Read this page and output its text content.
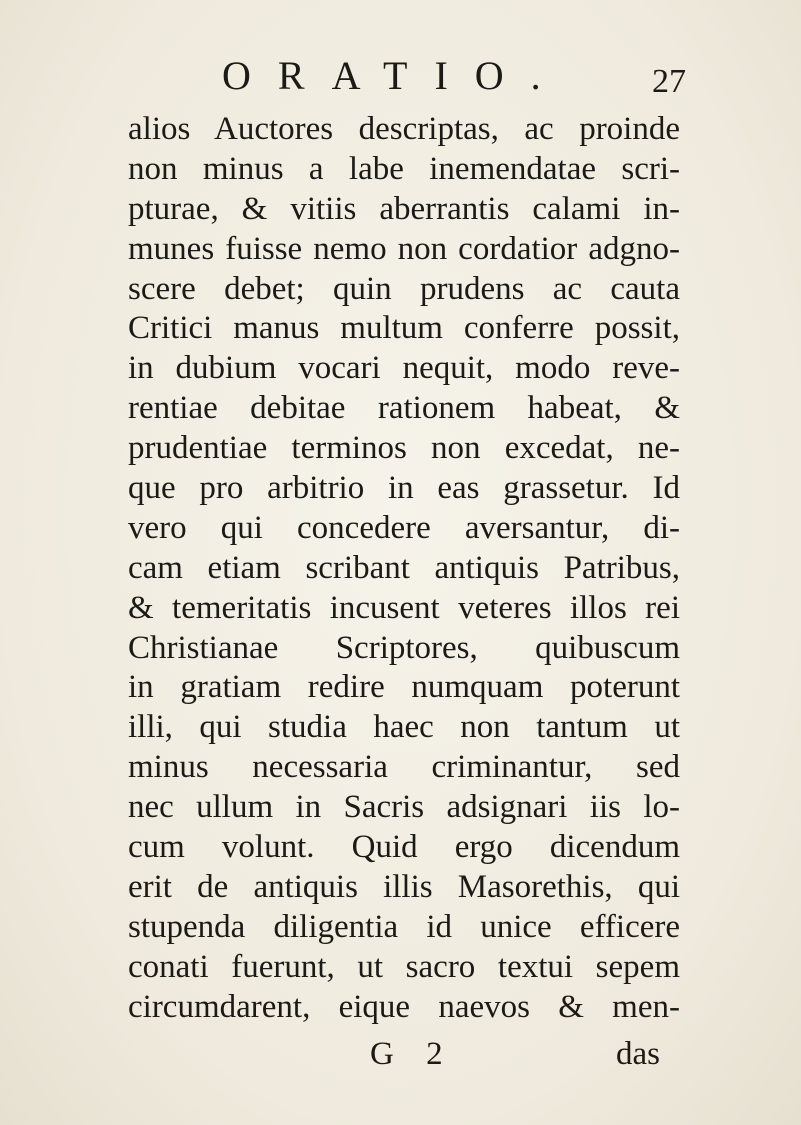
ORATIO. 27
alios Auctores descriptas, ac proinde
non minus a labe inemendatae scri-
pturae, & vitiis aberrantis calami in-
munes fuisse nemo non cordatior adgno-
scere debet; quin prudens ac cauta
Critici manus multum conferre possit,
in dubium vocari nequit, modo reve-
rentiae debitae rationem habeat, &
prudentiae terminos non excedat, ne-
que pro arbitrio in eas grassetur. Id
vero qui concedere aversantur, di-
cam etiam scribant antiquis Patribus,
& temeritatis incusent veteres illos rei
Christianae Scriptores, quibuscum
in gratiam redire numquam poterunt
illi, qui studia haec non tantum ut
minus necessaria criminantur, sed
nec ullum in Sacris adsignari iis lo-
cum volunt. Quid ergo dicendum
erit de antiquis illis Masorethis, qui
stupenda diligentia id unice efficere
conati fuerunt, ut sacro textui sepem
circumdarent, eique naevos & men-
G 2	das
